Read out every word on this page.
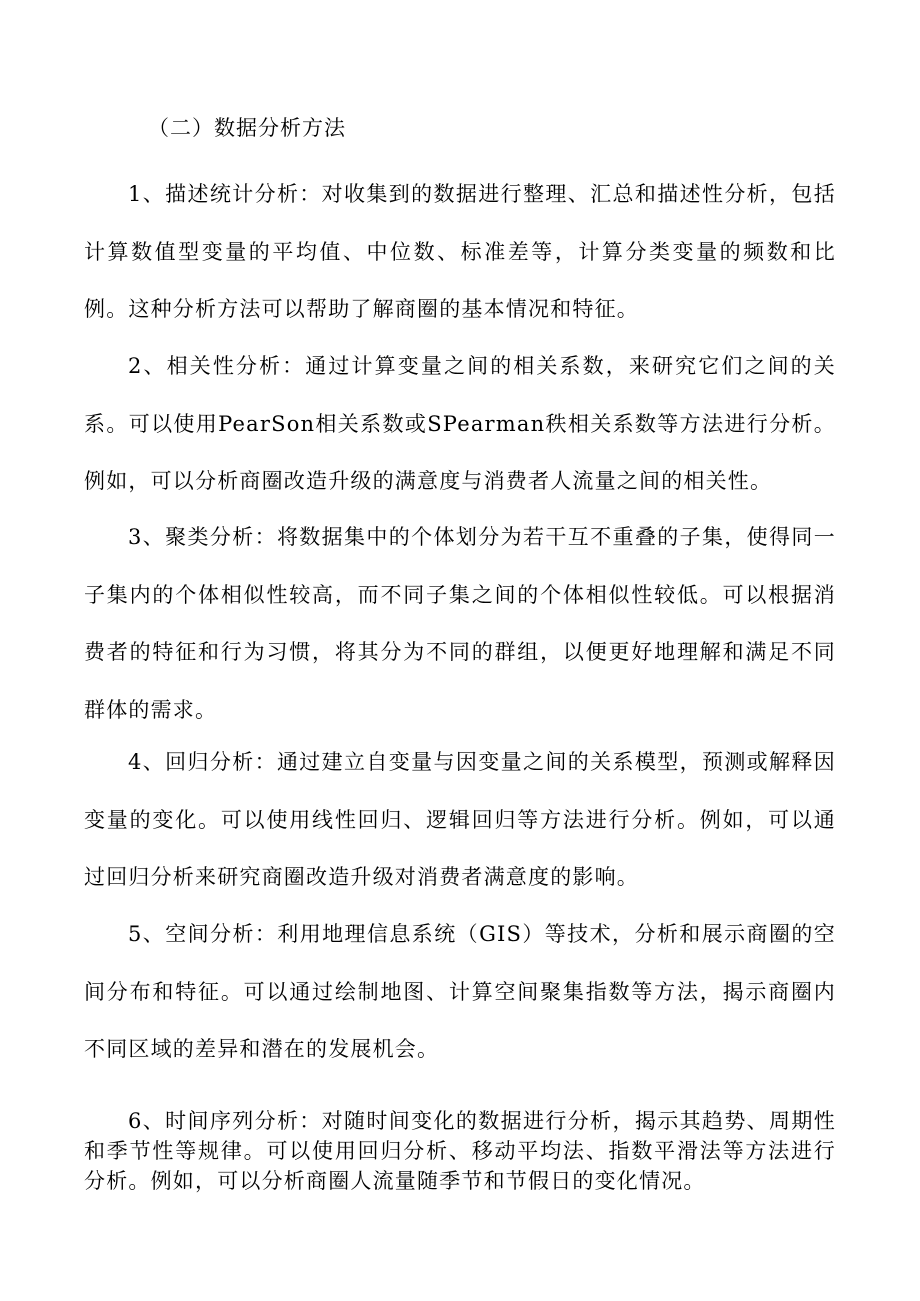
（二）数据分析方法

1、描述统计分析：对收集到的数据进行整理、汇总和描述性分析，包括计算数值型变量的平均值、中位数、标准差等，计算分类变量的频数和比例。这种分析方法可以帮助了解商圈的基本情况和特征。

2、相关性分析：通过计算变量之间的相关系数，来研究它们之间的关系。可以使用PearSon相关系数或SPearman秩相关系数等方法进行分析。例如，可以分析商圈改造升级的满意度与消费者人流量之间的相关性。

3、聚类分析：将数据集中的个体划分为若干互不重叠的子集，使得同一子集内的个体相似性较高，而不同子集之间的个体相似性较低。可以根据消费者的特征和行为习惯，将其分为不同的群组，以便更好地理解和满足不同群体的需求。

4、回归分析：通过建立自变量与因变量之间的关系模型，预测或解释因变量的变化。可以使用线性回归、逻辑回归等方法进行分析。例如，可以通过回归分析来研究商圈改造升级对消费者满意度的影响。

5、空间分析：利用地理信息系统（GIS）等技术，分析和展示商圈的空间分布和特征。可以通过绘制地图、计算空间聚集指数等方法，揭示商圈内不同区域的差异和潜在的发展机会。

6、时间序列分析：对随时间变化的数据进行分析，揭示其趋势、周期性和季节性等规律。可以使用回归分析、移动平均法、指数平滑法等方法进行分析。例如，可以分析商圈人流量随季节和节假日的变化情况。
